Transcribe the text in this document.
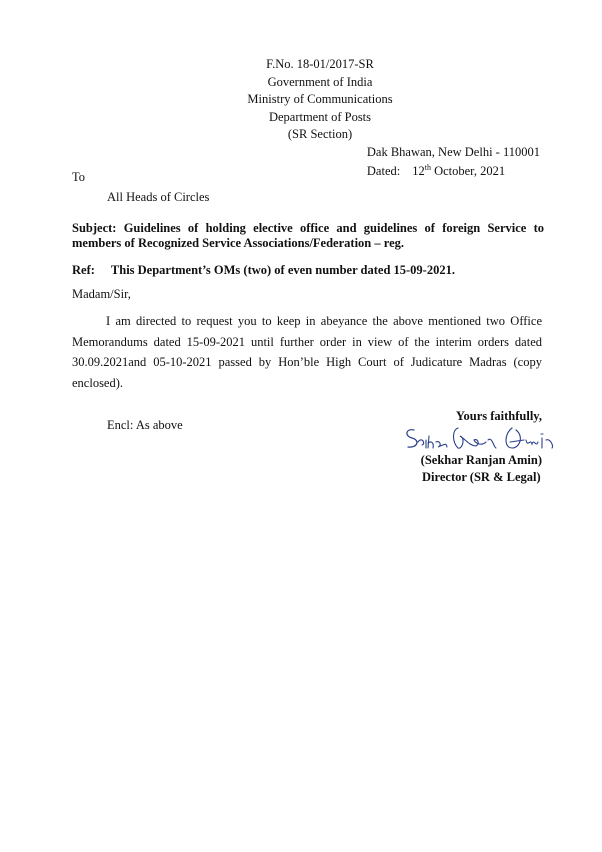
F.No. 18-01/2017-SR
Government of India
Ministry of Communications
Department of Posts
(SR Section)
Dak Bhawan, New Delhi - 110001
Dated: 12th October, 2021
To
All Heads of Circles
Subject: Guidelines of holding elective office and guidelines of foreign Service to members of Recognized Service Associations/Federation – reg.
Ref: This Department’s OMs (two) of even number dated 15-09-2021.
Madam/Sir,
I am directed to request you to keep in abeyance the above mentioned two Office Memorandums dated 15-09-2021 until further order in view of the interim orders dated 30.09.2021and 05-10-2021 passed by Hon’ble High Court of Judicature Madras (copy enclosed).
Encl: As above
Yours faithfully,
(Sekhar Ranjan Amin)
Director (SR & Legal)
